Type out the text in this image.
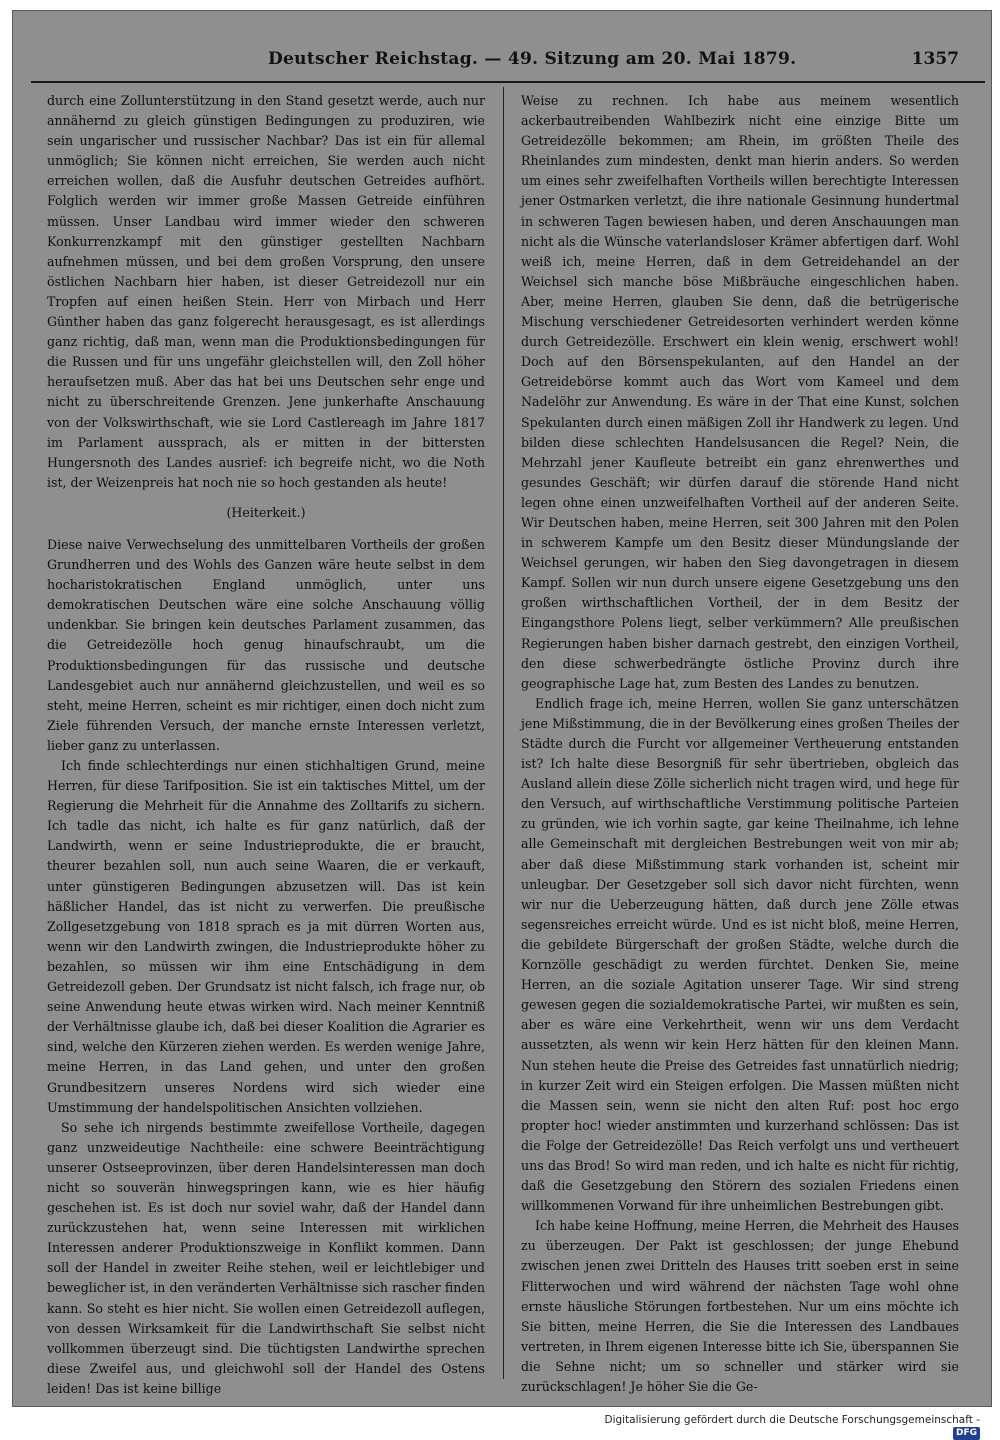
Deutscher Reichstag. — 49. Sitzung am 20. Mai 1879.	1357

durch eine Zollunterstützung in den Stand gesetzt werde, auch nur annähernd zu gleich günstigen Bedingungen zu produziren, wie sein ungarischer und russischer Nachbar? Das ist ein für allemal unmöglich; Sie können nicht erreichen, Sie werden auch nicht erreichen wollen, daß die Ausfuhr deutschen Getreides aufhört. Folglich werden wir immer große Massen Getreide einführen müssen. Unser Landbau wird immer wieder den schweren Konkurrenzkampf mit den günstiger gestellten Nachbarn aufnehmen müssen, und bei dem großen Vorsprung, den unsere östlichen Nachbarn hier haben, ist dieser Getreidezoll nur ein Tropfen auf einen heißen Stein. Herr von Mirbach und Herr Günther haben das ganz folgerecht herausgesagt, es ist allerdings ganz richtig, daß man, wenn man die Produktionsbedingungen für die Russen und für uns ungefähr gleichstellen will, den Zoll höher heraufsetzen muß. Aber das hat bei uns Deutschen sehr enge und nicht zu überschreitende Grenzen. Jene junkerhafte Anschauung von der Volkswirthschaft, wie sie Lord Castlereagh im Jahre 1817 im Parlament aussprach, als er mitten in der bittersten Hungersnoth des Landes ausrief: ich begreife nicht, wo die Noth ist, der Weizenpreis hat noch nie so hoch gestanden als heute!

(Heiterkeit.)

Diese naive Verwechselung des unmittelbaren Vortheils der großen Grundherren und des Wohls des Ganzen wäre heute selbst in dem hocharistokratischen England unmöglich, unter uns demokratischen Deutschen wäre eine solche Anschauung völlig undenkbar. Sie bringen kein deutsches Parlament zusammen, das die Getreidezölle hoch genug hinaufschraubt, um die Produktionsbedingungen für das russische und deutsche Landesgebiet auch nur annähernd gleichzustellen, und weil es so steht, meine Herren, scheint es mir richtiger, einen doch nicht zum Ziele führenden Versuch, der manche ernste Interessen verletzt, lieber ganz zu unterlassen.

Ich finde schlechterdings nur einen stichhaltigen Grund, meine Herren, für diese Tarifposition. Sie ist ein taktisches Mittel, um der Regierung die Mehrheit für die Annahme des Zolltarifs zu sichern. Ich tadle das nicht, ich halte es für ganz natürlich, daß der Landwirth, wenn er seine Industrieprodukte, die er braucht, theurer bezahlen soll, nun auch seine Waaren, die er verkauft, unter günstigeren Bedingungen abzusetzen will. Das ist kein häßlicher Handel, das ist nicht zu verwerfen. Die preußische Zollgesetzgebung von 1818 sprach es ja mit dürren Worten aus, wenn wir den Landwirth zwingen, die Industrieprodukte höher zu bezahlen, so müssen wir ihm eine Entschädigung in dem Getreidezoll geben. Der Grundsatz ist nicht falsch, ich frage nur, ob seine Anwendung heute etwas wirken wird. Nach meiner Kenntniß der Verhältnisse glaube ich, daß bei dieser Koalition die Agrarier es sind, welche den Kürzeren ziehen werden. Es werden wenige Jahre, meine Herren, in das Land gehen, und unter den großen Grundbesitzern unseres Nordens wird sich wieder eine Umstimmung der handelspolitischen Ansichten vollziehen.

So sehe ich nirgends bestimmte zweifellose Vortheile, dagegen ganz unzweideutige Nachtheile: eine schwere Beeinträchtigung unserer Ostseeprovinzen, über deren Handelsinteressen man doch nicht so souverän hinwegspringen kann, wie es hier häufig geschehen ist. Es ist doch nur soviel wahr, daß der Handel dann zurückzustehen hat, wenn seine Interessen mit wirklichen Interessen anderer Produktionszweige in Konflikt kommen. Dann soll der Handel in zweiter Reihe stehen, weil er leichtlebiger und beweglicher ist, in den veränderten Verhältnisse sich rascher finden kann. So steht es hier nicht. Sie wollen einen Getreidezoll auflegen, von dessen Wirksamkeit für die Landwirthschaft Sie selbst nicht vollkommen überzeugt sind. Die tüchtigsten Landwirthe sprechen diese Zweifel aus, und gleichwohl soll der Handel des Ostens leiden! Das ist keine billige

Weise zu rechnen. Ich habe aus meinem wesentlich ackerbautreibenden Wahlbezirk nicht eine einzige Bitte um Getreidezölle bekommen; am Rhein, im größten Theile des Rheinlandes zum mindesten, denkt man hierin anders. So werden um eines sehr zweifelhaften Vortheils willen berechtigte Interessen jener Ostmarken verletzt, die ihre nationale Gesinnung hundertmal in schweren Tagen bewiesen haben, und deren Anschauungen man nicht als die Wünsche vaterlandsloser Krämer abfertigen darf. Wohl weiß ich, meine Herren, daß in dem Getreidehandel an der Weichsel sich manche böse Mißbräuche eingeschlichen haben. Aber, meine Herren, glauben Sie denn, daß die betrügerische Mischung verschiedener Getreidesorten verhindert werden könne durch Getreidezölle. Erschwert ein klein wenig, erschwert wohl! Doch auf den Börsenspekulanten, auf den Handel an der Getreidebörse kommt auch das Wort vom Kameel und dem Nadelöhr zur Anwendung. Es wäre in der That eine Kunst, solchen Spekulanten durch einen mäßigen Zoll ihr Handwerk zu legen. Und bilden diese schlechten Handelsusancen die Regel? Nein, die Mehrzahl jener Kaufleute betreibt ein ganz ehrenwerthes und gesundes Geschäft; wir dürfen darauf die störende Hand nicht legen ohne einen unzweifelhaften Vortheil auf der anderen Seite. Wir Deutschen haben, meine Herren, seit 300 Jahren mit den Polen in schwerem Kampfe um den Besitz dieser Mündungslande der Weichsel gerungen, wir haben den Sieg davongetragen in diesem Kampf. Sollen wir nun durch unsere eigene Gesetzgebung uns den großen wirthschaftlichen Vortheil, der in dem Besitz der Eingangsthore Polens liegt, selber verkümmern? Alle preußischen Regierungen haben bisher darnach gestrebt, den einzigen Vortheil, den diese schwerbedrängte östliche Provinz durch ihre geographische Lage hat, zum Besten des Landes zu benutzen.

Endlich frage ich, meine Herren, wollen Sie ganz unterschätzen jene Mißstimmung, die in der Bevölkerung eines großen Theiles der Städte durch die Furcht vor allgemeiner Vertheuerung entstanden ist? Ich halte diese Besorgniß für sehr übertrieben, obgleich das Ausland allein diese Zölle sicherlich nicht tragen wird, und hege für den Versuch, auf wirthschaftliche Verstimmung politische Parteien zu gründen, wie ich vorhin sagte, gar keine Theilnahme, ich lehne alle Gemeinschaft mit dergleichen Bestrebungen weit von mir ab; aber daß diese Mißstimmung stark vorhanden ist, scheint mir unleugbar. Der Gesetzgeber soll sich davor nicht fürchten, wenn wir nur die Ueberzeugung hätten, daß durch jene Zölle etwas segensreiches erreicht würde. Und es ist nicht bloß, meine Herren, die gebildete Bürgerschaft der großen Städte, welche durch die Kornzölle geschädigt zu werden fürchtet. Denken Sie, meine Herren, an die soziale Agitation unserer Tage. Wir sind streng gewesen gegen die sozialdemokratische Partei, wir mußten es sein, aber es wäre eine Verkehrtheit, wenn wir uns dem Verdacht aussetzten, als wenn wir kein Herz hätten für den kleinen Mann. Nun stehen heute die Preise des Getreides fast unnatürlich niedrig; in kurzer Zeit wird ein Steigen erfolgen. Die Massen müßten nicht die Massen sein, wenn sie nicht den alten Ruf: post hoc ergo propter hoc! wieder anstimmten und kurzerhand schlössen: Das ist die Folge der Getreidezölle! Das Reich verfolgt uns und vertheuert uns das Brod! So wird man reden, und ich halte es nicht für richtig, daß die Gesetzgebung den Störern des sozialen Friedens einen willkommenen Vorwand für ihre unheimlichen Bestrebungen gibt.

Ich habe keine Hoffnung, meine Herren, die Mehrheit des Hauses zu überzeugen. Der Pakt ist geschlossen; der junge Ehebund zwischen jenen zwei Dritteln des Hauses tritt soeben erst in seine Flitterwochen und wird während der nächsten Tage wohl ohne ernste häusliche Störungen fortbestehen. Nur um eins möchte ich Sie bitten, meine Herren, die Sie die Interessen des Landbaues vertreten, in Ihrem eigenen Interesse bitte ich Sie, überspannen Sie die Sehne nicht; um so schneller und stärker wird sie zurückschlagen! Je höher Sie die Ge-

Digitalisierung gefördert durch die Deutsche Forschungsgemeinschaft -DFG
